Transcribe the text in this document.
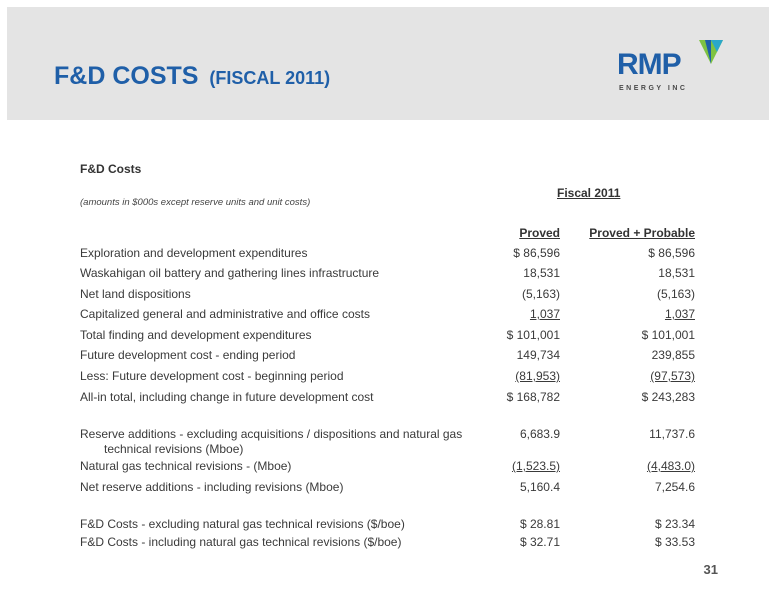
F&D COSTS (FISCAL 2011)	RMP
ENERGY INC
F&D Costs
(amounts in $000s except reserve units and unit costs)
Fiscal 2011
Proved Proved + Probable
Exploration and development expenditures	$ 86,596	$ 86,596
Waskahigan oil battery and gathering lines infrastructure	18,531	18,531
Net land dispositions	(5,163)	(5,163)
Capitalized general and administrative and office costs	1,037	1,037
Total finding and development expenditures	$ 101,001	$ 101,001
Future development cost - ending period	149,734	239,855
Less: Future development cost - beginning period	(81,953)	(97,573)
All-in total, including change in future development cost	$ 168,782	$ 243,283
Reserve additions - excluding acquisitions / dispositions and natural gas
technical revisions (Mboe)
6,683.9	11,737.6
Natural gas technical revisions - (Mboe)	(1,523.5)	(4,483.0)
Net reserve additions - including revisions (Mboe)	5,160.4	7,254.6
F&D Costs - excluding natural gas technical revisions ($/boe)	$ 28.81	$ 23.34
F&D Costs - including natural gas technical revisions ($/boe)	$ 32.71	$ 33.53
31
